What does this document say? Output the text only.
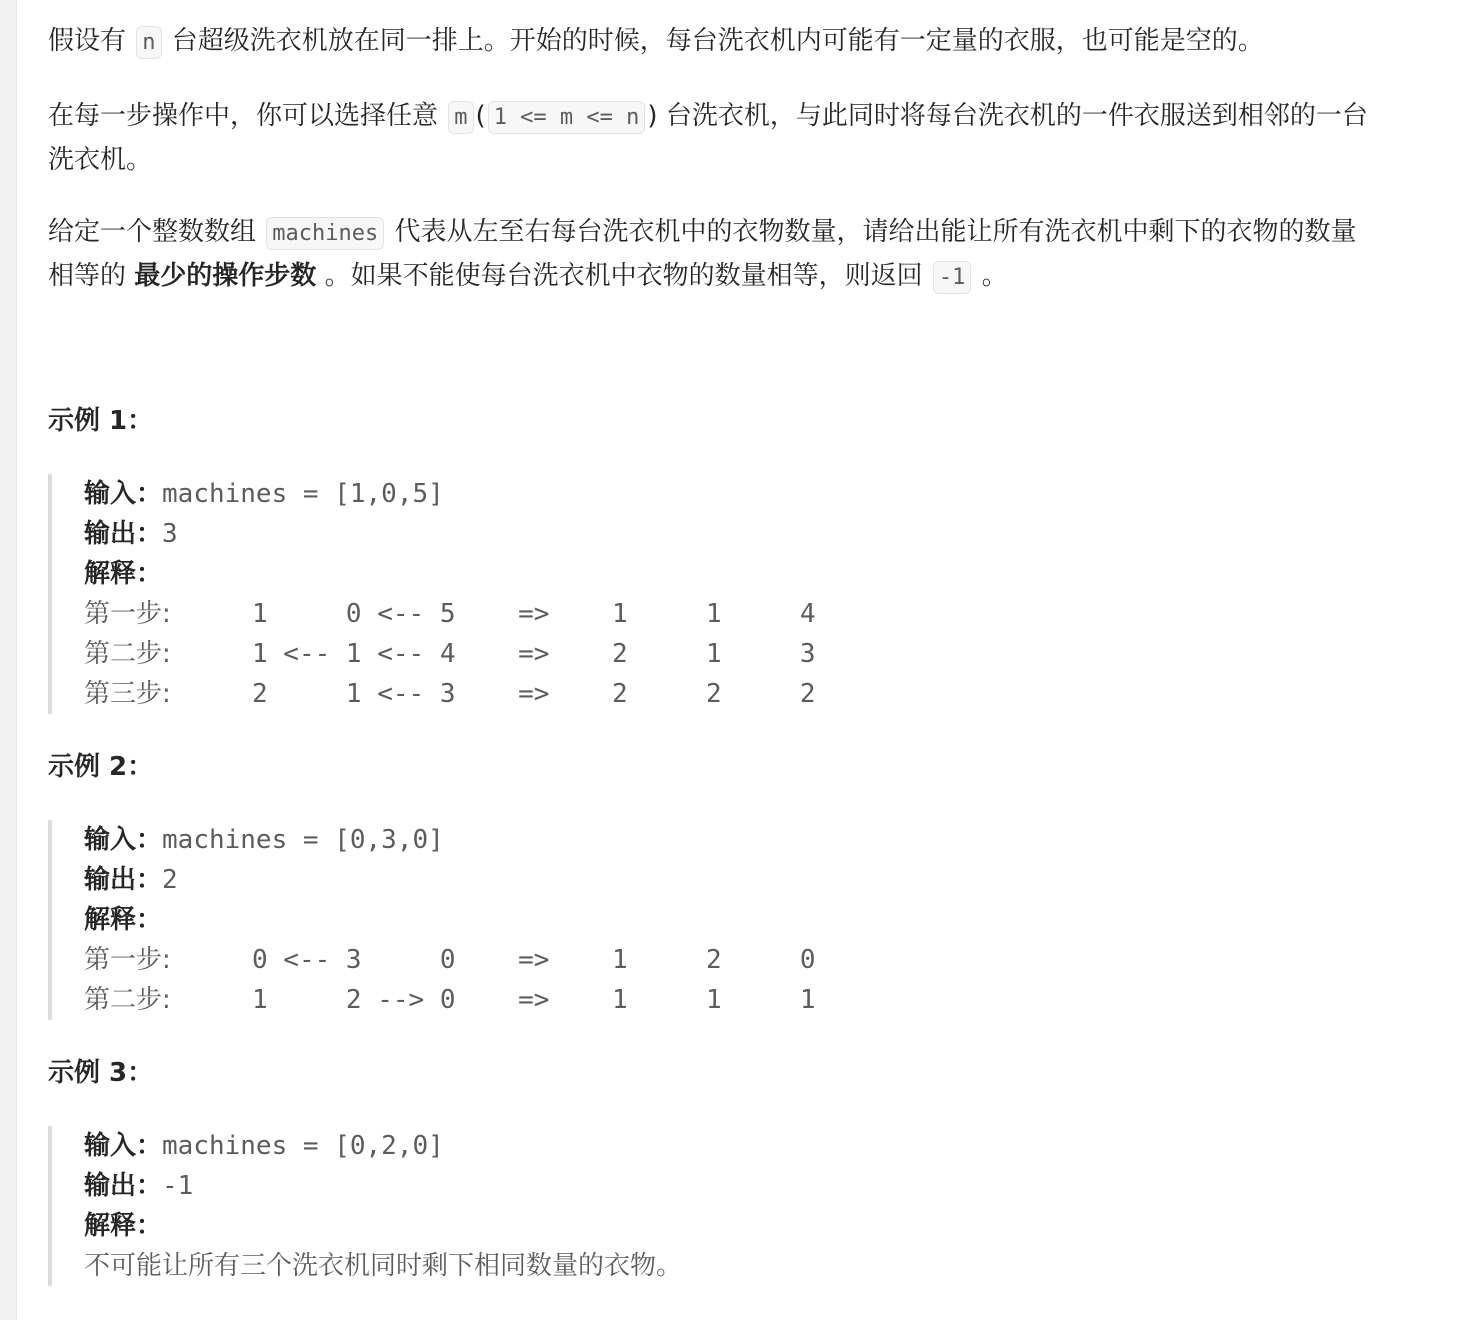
假设有 n 台超级洗衣机放在同一排上。开始的时候，每台洗衣机内可能有一定量的衣服，也可能是空的。

在每一步操作中，你可以选择任意 m ( 1 <= m <= n ) 台洗衣机，与此同时将每台洗衣机的一件衣服送到相邻的一台
洗衣机。

给定一个整数数组 machines 代表从左至右每台洗衣机中的衣物数量，请给出能让所有洗衣机中剩下的衣物的数量
相等的 最少的操作步数 。如果不能使每台洗衣机中衣物的数量相等，则返回 -1 。

示例 1：
输入：machines = [1,0,5]
输出：3
解释：
第一步:	1     0 <-- 5    =>    1     1     4
第二步:	1 <-- 1 <-- 4    =>    2     1     3
第三步:	2     1 <-- 3    =>    2     2     2
示例 2：
输入：machines = [0,3,0]
输出：2
解释：
第一步:	0 <-- 3     0    =>    1     2     0
第二步:	1     2 --> 0    =>    1     1     1
示例 3：
输入：machines = [0,2,0]
输出：-1
解释：
不可能让所有三个洗衣机同时剩下相同数量的衣物。
